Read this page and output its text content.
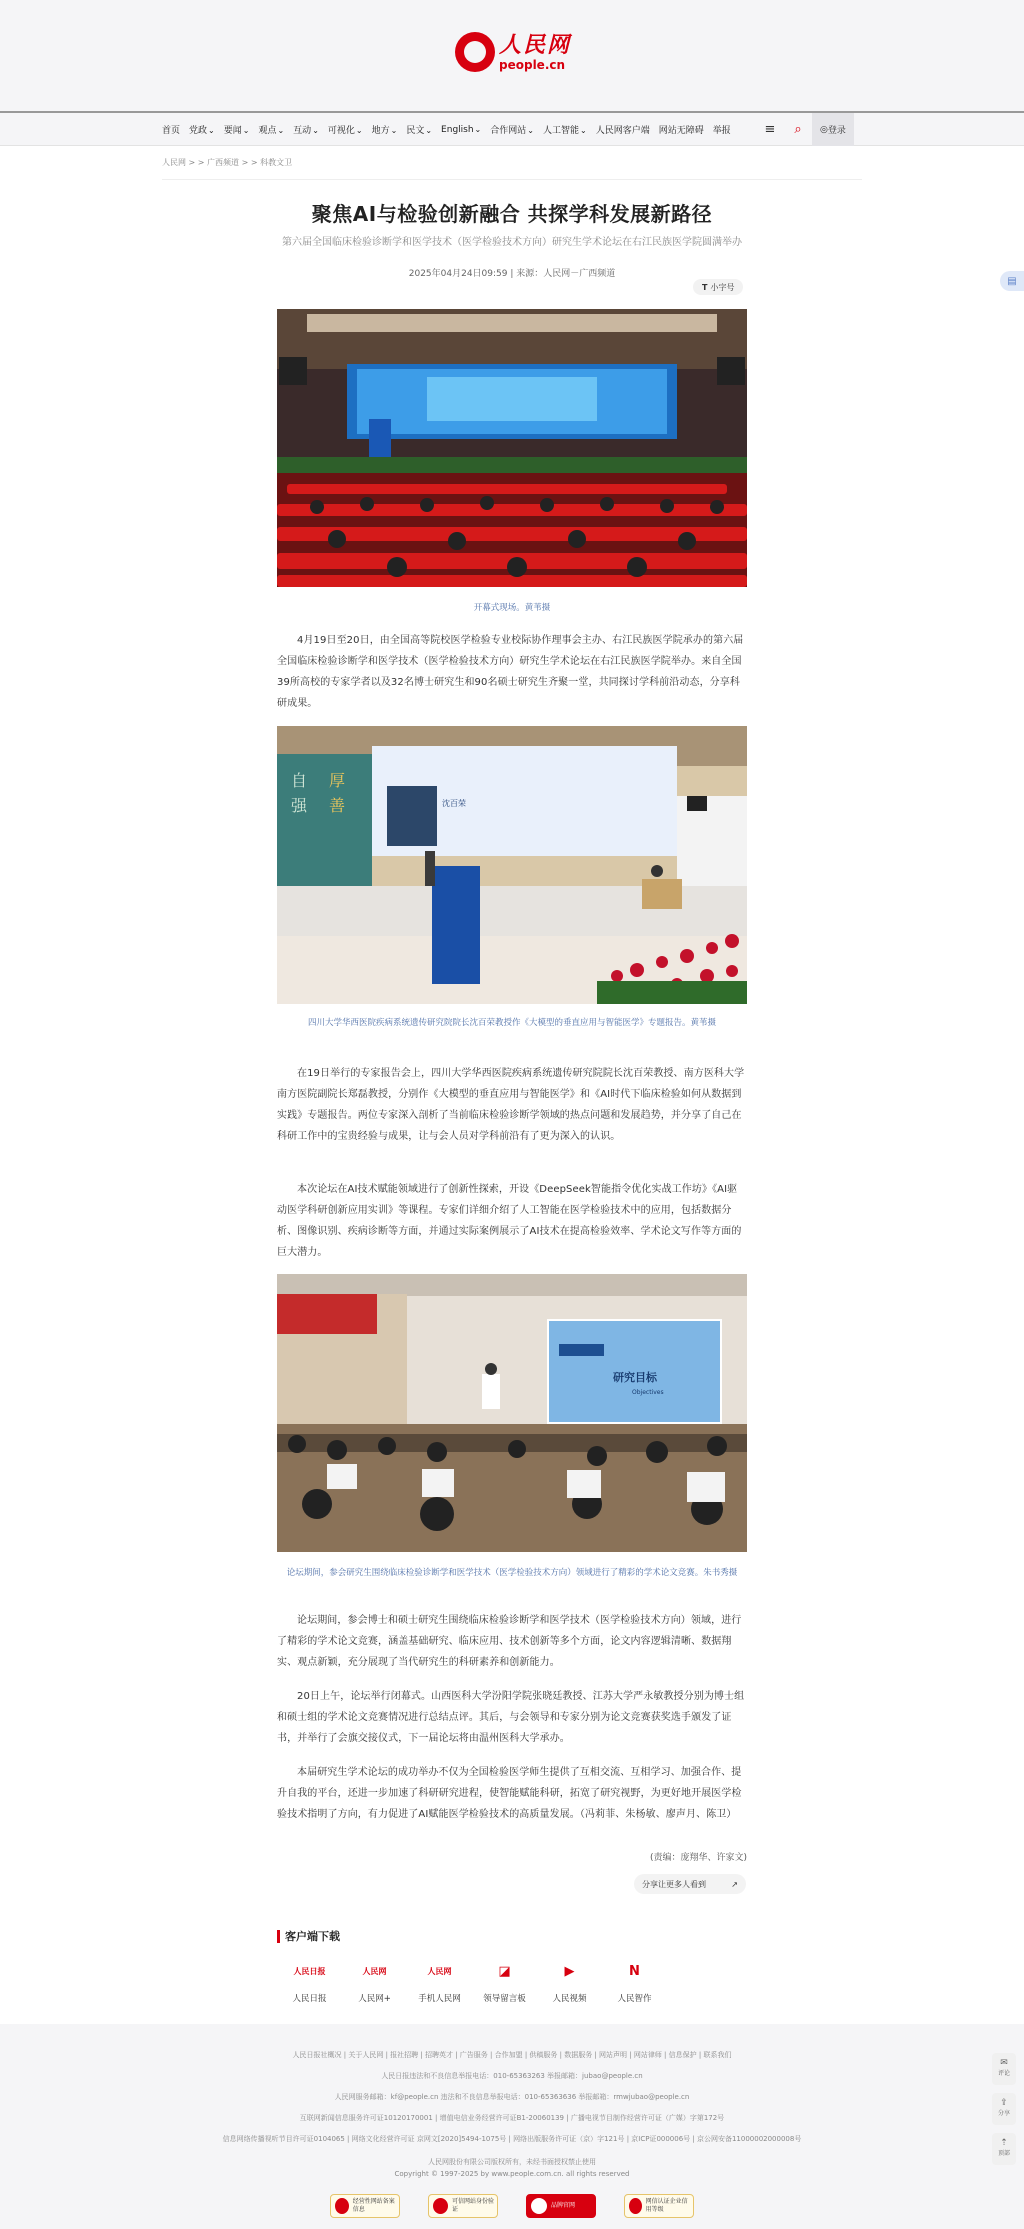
人民网
people.cn
首页 党政 ⌄	要闻 ⌄	观点 ⌄	互动 ⌄	可视化 ⌄	地方 ⌄	民文 ⌄	English ⌄	合作网站 ⌄	人工智能 ⌄	人民网客户端 网站无障碍 举报	≡	⌕	◎ 登录
人民网 > > 广西频道 > > 科教文卫
聚焦AI与检验创新融合 共探学科发展新路径
第六届全国临床检验诊断学和医学技术（医学检验技术方向）研究生学术论坛在右江民族医学院圆满举办
2025年04月24日09:59 | 来源：人民网－广西频道
T 小字号
▤
开幕式现场。黄苇摄

4月19日至20日，由全国高等院校医学检验专业校际协作理事会主办、右江民族医学院承办的第六届全国临床检验诊断学和医学技术（医学检验技术方向）研究生学术论坛在右江民族医学院举办。来自全国39所高校的专家学者以及32名博士研究生和90名硕士研究生齐聚一堂，共同探讨学科前沿动态，分享科研成果。

自
强
厚
善	沈百荣
四川大学华西医院疾病系统遗传研究院院长沈百荣教授作《大模型的垂直应用与智能医学》专题报告。黄苇摄

在19日举行的专家报告会上，四川大学华西医院疾病系统遗传研究院院长沈百荣教授、南方医科大学南方医院副院长郑磊教授，分别作《大模型的垂直应用与智能医学》和《AI时代下临床检验如何从数据到实践》专题报告。两位专家深入剖析了当前临床检验诊断学领域的热点问题和发展趋势，并分享了自己在科研工作中的宝贵经验与成果，让与会人员对学科前沿有了更为深入的认识。

本次论坛在AI技术赋能领域进行了创新性探索，开设《DeepSeek智能指令优化实战工作坊》《AI驱动医学科研创新应用实训》等课程。专家们详细介绍了人工智能在医学检验技术中的应用，包括数据分析、图像识别、疾病诊断等方面，并通过实际案例展示了AI技术在提高检验效率、学术论文写作等方面的巨大潜力。

研究目标
Objectives
论坛期间，参会研究生围绕临床检验诊断学和医学技术（医学检验技术方向）领域进行了精彩的学术论文竞赛。朱书秀摄

论坛期间，参会博士和硕士研究生围绕临床检验诊断学和医学技术（医学检验技术方向）领域，进行了精彩的学术论文竞赛，涵盖基础研究、临床应用、技术创新等多个方面，论文内容逻辑清晰、数据翔实、观点新颖，充分展现了当代研究生的科研素养和创新能力。

20日上午，论坛举行闭幕式。山西医科大学汾阳学院张晓廷教授、江苏大学严永敏教授分别为博士组和硕士组的学术论文竞赛情况进行总结点评。其后，与会领导和专家分别为论文竞赛获奖选手颁发了证书，并举行了会旗交接仪式，下一届论坛将由温州医科大学承办。

本届研究生学术论坛的成功举办不仅为全国检验医学师生提供了互相交流、互相学习、加强合作、提升自我的平台，还进一步加速了科研研究进程，使智能赋能科研，拓宽了研究视野，为更好地开展医学检验技术指明了方向，有力促进了AI赋能医学检验技术的高质量发展。（冯莉菲、朱杨敏、廖声月、陈卫）

(责编：庞翔华、许家文)
分享让更多人看到	↗
客户端下载
人民日报
人民日报
人民网
人民网+
人民网
手机人民网
◪
领导留言板
▶
人民视频
N
人民智作
人民日报社概况 | 关于人民网 | 报社招聘 | 招聘英才 | 广告服务 | 合作加盟 | 供稿服务 | 数据服务 | 网站声明 | 网站律师 | 信息保护 | 联系我们
人民日报违法和不良信息举报电话：010-65363263 举报邮箱：jubao@people.cn
人民网服务邮箱：kf@people.cn 违法和不良信息举报电话：010-65363636 举报邮箱：rmwjubao@people.cn
互联网新闻信息服务许可证10120170001 | 增值电信业务经营许可证B1-20060139 | 广播电视节目制作经营许可证（广媒）字第172号
信息网络传播视听节目许可证0104065 | 网络文化经营许可证 京网文[2020]5494-1075号 | 网络出版服务许可证（京）字121号 | 京ICP证000006号 | 京公网安备11000002000008号
人民网股份有限公司版权所有，未经书面授权禁止使用
Copyright © 1997-2025 by www.people.com.cn. all rights reserved
经营性网站备案信息
可信网站身份验证
品牌官网
网信认证企业信用等级
✉
评论
⇪
分享
⇡
顶部
